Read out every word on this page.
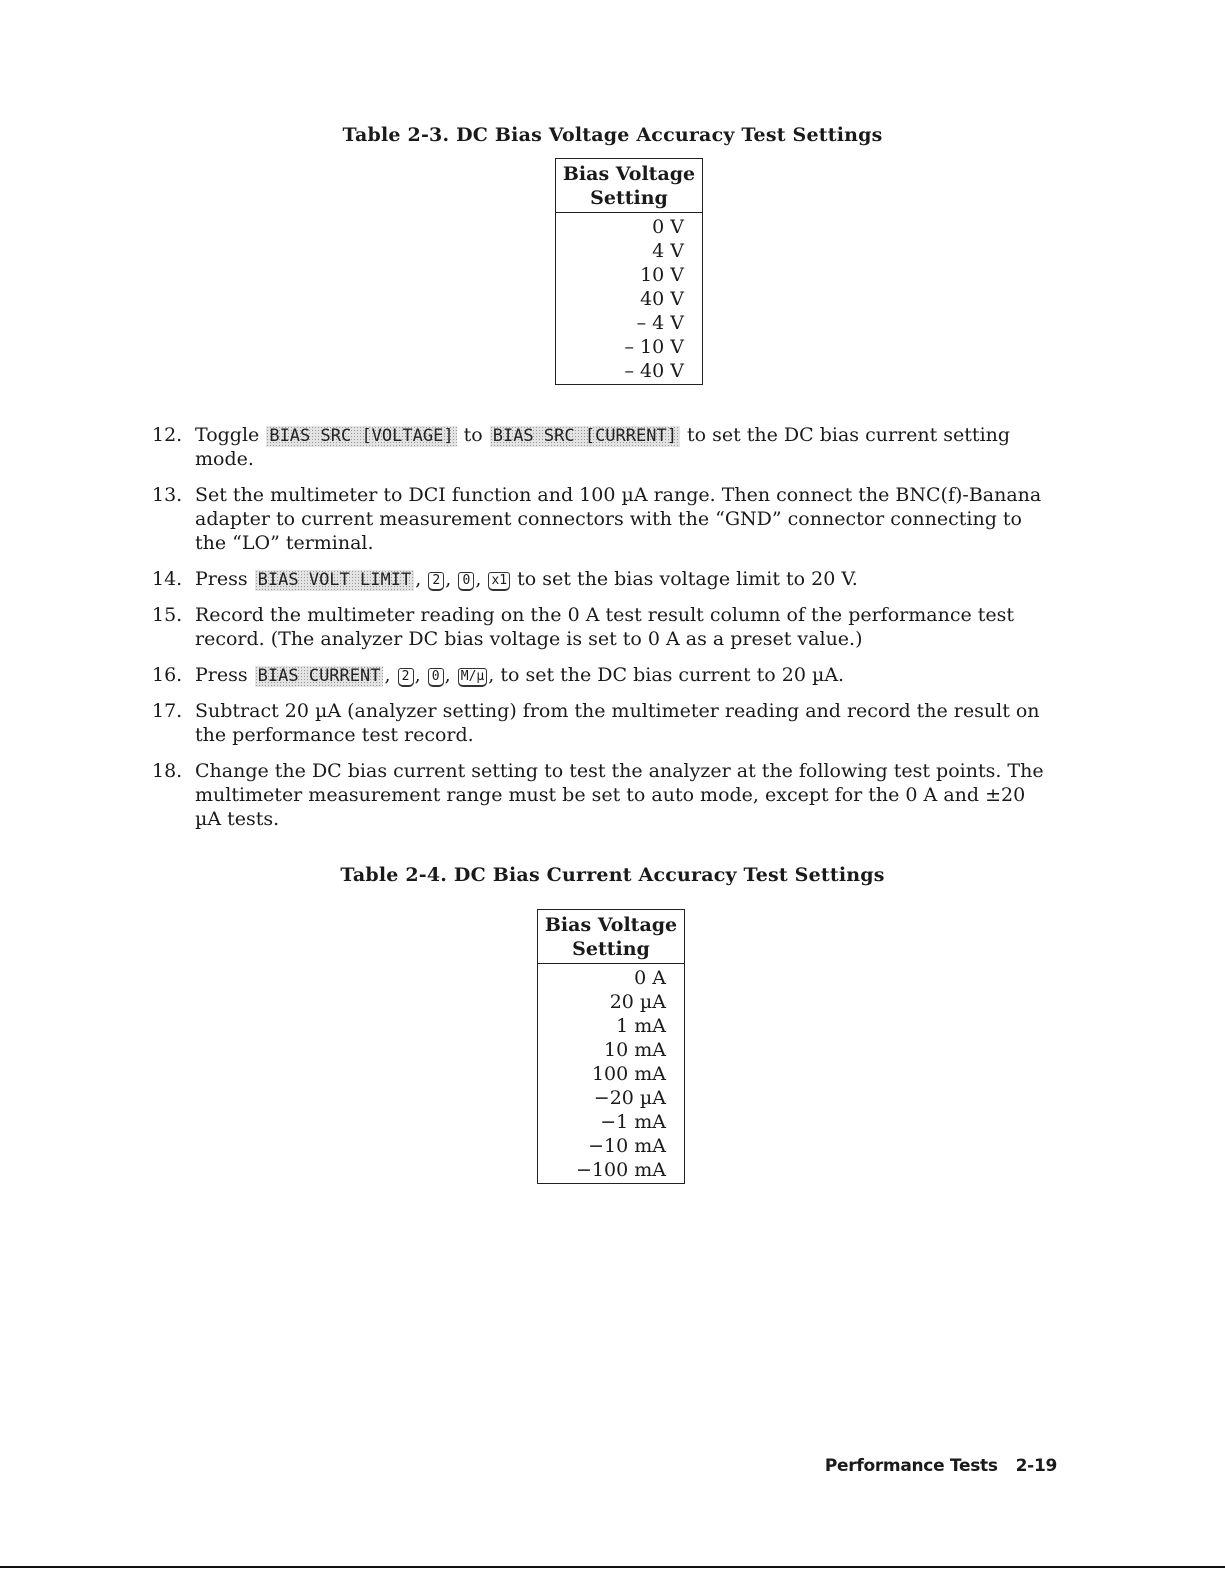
Table 2-3. DC Bias Voltage Accuracy Test Settings
Bias Voltage
Setting
0 V
4 V
10 V
40 V
– 4 V
– 10 V
– 40 V
12. Toggle BIAS SRC [VOLTAGE] to BIAS SRC [CURRENT] to set the DC bias current setting mode.
13. Set the multimeter to DCI function and 100 µA range. Then connect the BNC(f)-Banana adapter to current measurement connectors with the “GND” connector connecting to the “LO” terminal.
14. Press BIAS VOLT LIMIT , 2 , 0 , x1 to set the bias voltage limit to 20 V.
15. Record the multimeter reading on the 0 A test result column of the performance test record. (The analyzer DC bias voltage is set to 0 A as a preset value.)
16. Press BIAS CURRENT , 2 , 0 , M/µ , to set the DC bias current to 20 µA.
17. Subtract 20 µA (analyzer setting) from the multimeter reading and record the result on the performance test record.
18. Change the DC bias current setting to test the analyzer at the following test points. The multimeter measurement range must be set to auto mode, except for the 0 A and ±20 µA tests.
Table 2-4. DC Bias Current Accuracy Test Settings
Bias Voltage
Setting
0 A
20 µA
1 mA
10 mA
100 mA
−20 µA
−1 mA
−10 mA
−100 mA
Performance Tests 2-19
